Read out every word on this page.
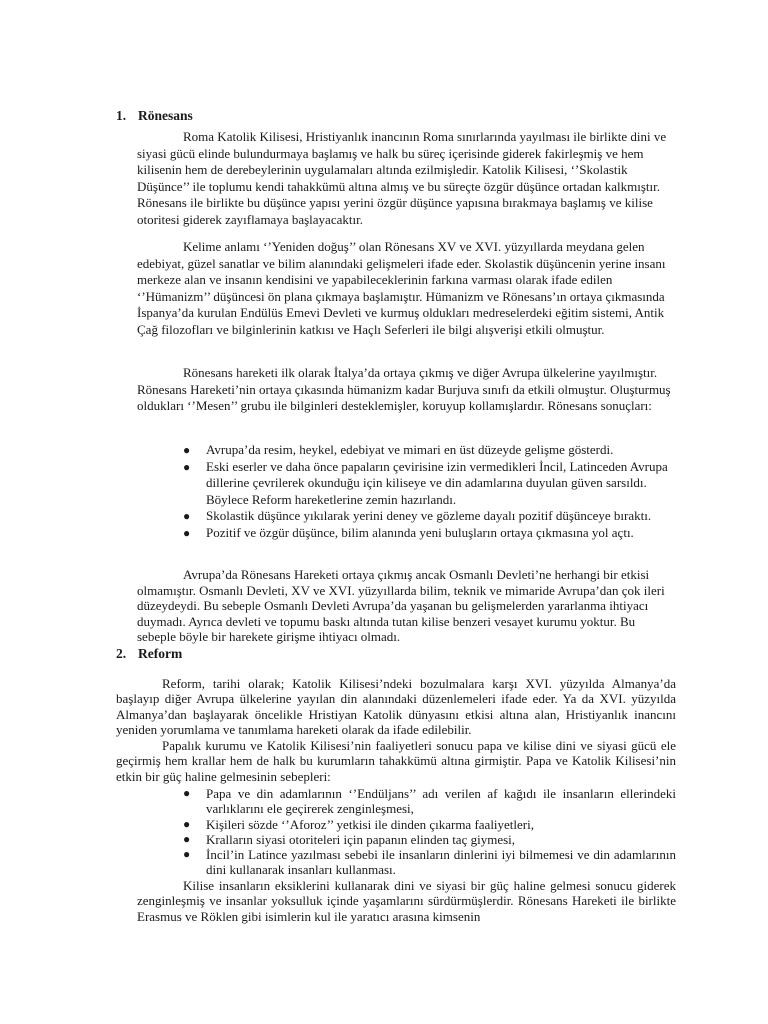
1. Rönesans

Roma Katolik Kilisesi, Hristiyanlık inancının Roma sınırlarında yayılması ile birlikte dini ve siyasi gücü elinde bulundurmaya başlamış ve halk bu süreç içerisinde giderek fakirleşmiş ve hem kilisenin hem de derebeylerinin uygulamaları altında ezilmişledir. Katolik Kilisesi, ‘’Skolastik Düşünce’’ ile toplumu kendi tahakkümü altına almış ve bu süreçte özgür düşünce ortadan kalkmıştır. Rönesans ile birlikte bu düşünce yapısı yerini özgür düşünce yapısına bırakmaya başlamış ve kilise otoritesi giderek zayıflamaya başlayacaktır.

Kelime anlamı ‘’Yeniden doğuş’’ olan Rönesans XV ve XVI. yüzyıllarda meydana gelen edebiyat, güzel sanatlar ve bilim alanındaki gelişmeleri ifade eder. Skolastik düşüncenin yerine insanı merkeze alan ve insanın kendisini ve yapabileceklerinin farkına varması olarak ifade edilen ‘’Hümanizm’’ düşüncesi ön plana çıkmaya başlamıştır. Hümanizm ve Rönesans’ın ortaya çıkmasında İspanya’da kurulan Endülüs Emevi Devleti ve kurmuş oldukları medreselerdeki eğitim sistemi, Antik Çağ filozofları ve bilginlerinin katkısı ve Haçlı Seferleri ile bilgi alışverişi etkili olmuştur.

Rönesans hareketi ilk olarak İtalya’da ortaya çıkmış ve diğer Avrupa ülkelerine yayılmıştır. Rönesans Hareketi’nin ortaya çıkasında hümanizm kadar Burjuva sınıfı da etkili olmuştur. Oluşturmuş oldukları ‘’Mesen’’ grubu ile bilginleri desteklemişler, koruyup kollamışlardır. Rönesans sonuçları:

●	Avrupa’da resim, heykel, edebiyat ve mimari en üst düzeyde gelişme gösterdi.
●	Eski eserler ve daha önce papaların çevirisine izin vermedikleri İncil, Latinceden Avrupa dillerine çevrilerek okunduğu için kiliseye ve din adamlarına duyulan güven sarsıldı. Böylece Reform hareketlerine zemin hazırlandı.
●	Skolastik düşünce yıkılarak yerini deney ve gözleme dayalı pozitif düşünceye bıraktı.
●	Pozitif ve özgür düşünce, bilim alanında yeni buluşların ortaya çıkmasına yol açtı.

Avrupa’da Rönesans Hareketi ortaya çıkmış ancak Osmanlı Devleti’ne herhangi bir etkisi olmamıştır. Osmanlı Devleti, XV ve XVI. yüzyıllarda bilim, teknik ve mimaride Avrupa’dan çok ileri düzeydeydi. Bu sebeple Osmanlı Devleti Avrupa’da yaşanan bu gelişmelerden yararlanma ihtiyacı duymadı. Ayrıca devleti ve topumu baskı altında tutan kilise benzeri vesayet kurumu yoktur. Bu sebeple böyle bir harekete girişme ihtiyacı olmadı.

2. Reform

Reform, tarihi olarak; Katolik Kilisesi’ndeki bozulmalara karşı XVI. yüzyılda Almanya’da başlayıp diğer Avrupa ülkelerine yayılan din alanındaki düzenlemeleri ifade eder. Ya da XVI. yüzyılda Almanya’dan başlayarak öncelikle Hristiyan Katolik dünyasını etkisi altına alan, Hristiyanlık inancını yeniden yorumlama ve tanımlama hareketi olarak da ifade edilebilir.

Papalık kurumu ve Katolik Kilisesi’nin faaliyetleri sonucu papa ve kilise dini ve siyasi gücü ele geçirmiş hem krallar hem de halk bu kurumların tahakkümü altına girmiştir. Papa ve Katolik Kilisesi’nin etkin bir güç haline gelmesinin sebepleri:

●	Papa ve din adamlarının ‘’Endüljans’’ adı verilen af kağıdı ile insanların ellerindeki varlıklarını ele geçirerek zenginleşmesi,
●	Kişileri sözde ‘’Aforoz’’ yetkisi ile dinden çıkarma faaliyetleri,
●	Kralların siyasi otoriteleri için papanın elinden taç giymesi,
●	İncil’in Latince yazılması sebebi ile insanların dinlerini iyi bilmemesi ve din adamlarının dini kullanarak insanları kullanması.

Kilise insanların eksiklerini kullanarak dini ve siyasi bir güç haline gelmesi sonucu giderek zenginleşmiş ve insanlar yoksulluk içinde yaşamlarını sürdürmüşlerdir. Rönesans Hareketi ile birlikte Erasmus ve Röklen gibi isimlerin kul ile yaratıcı arasına kimsenin
